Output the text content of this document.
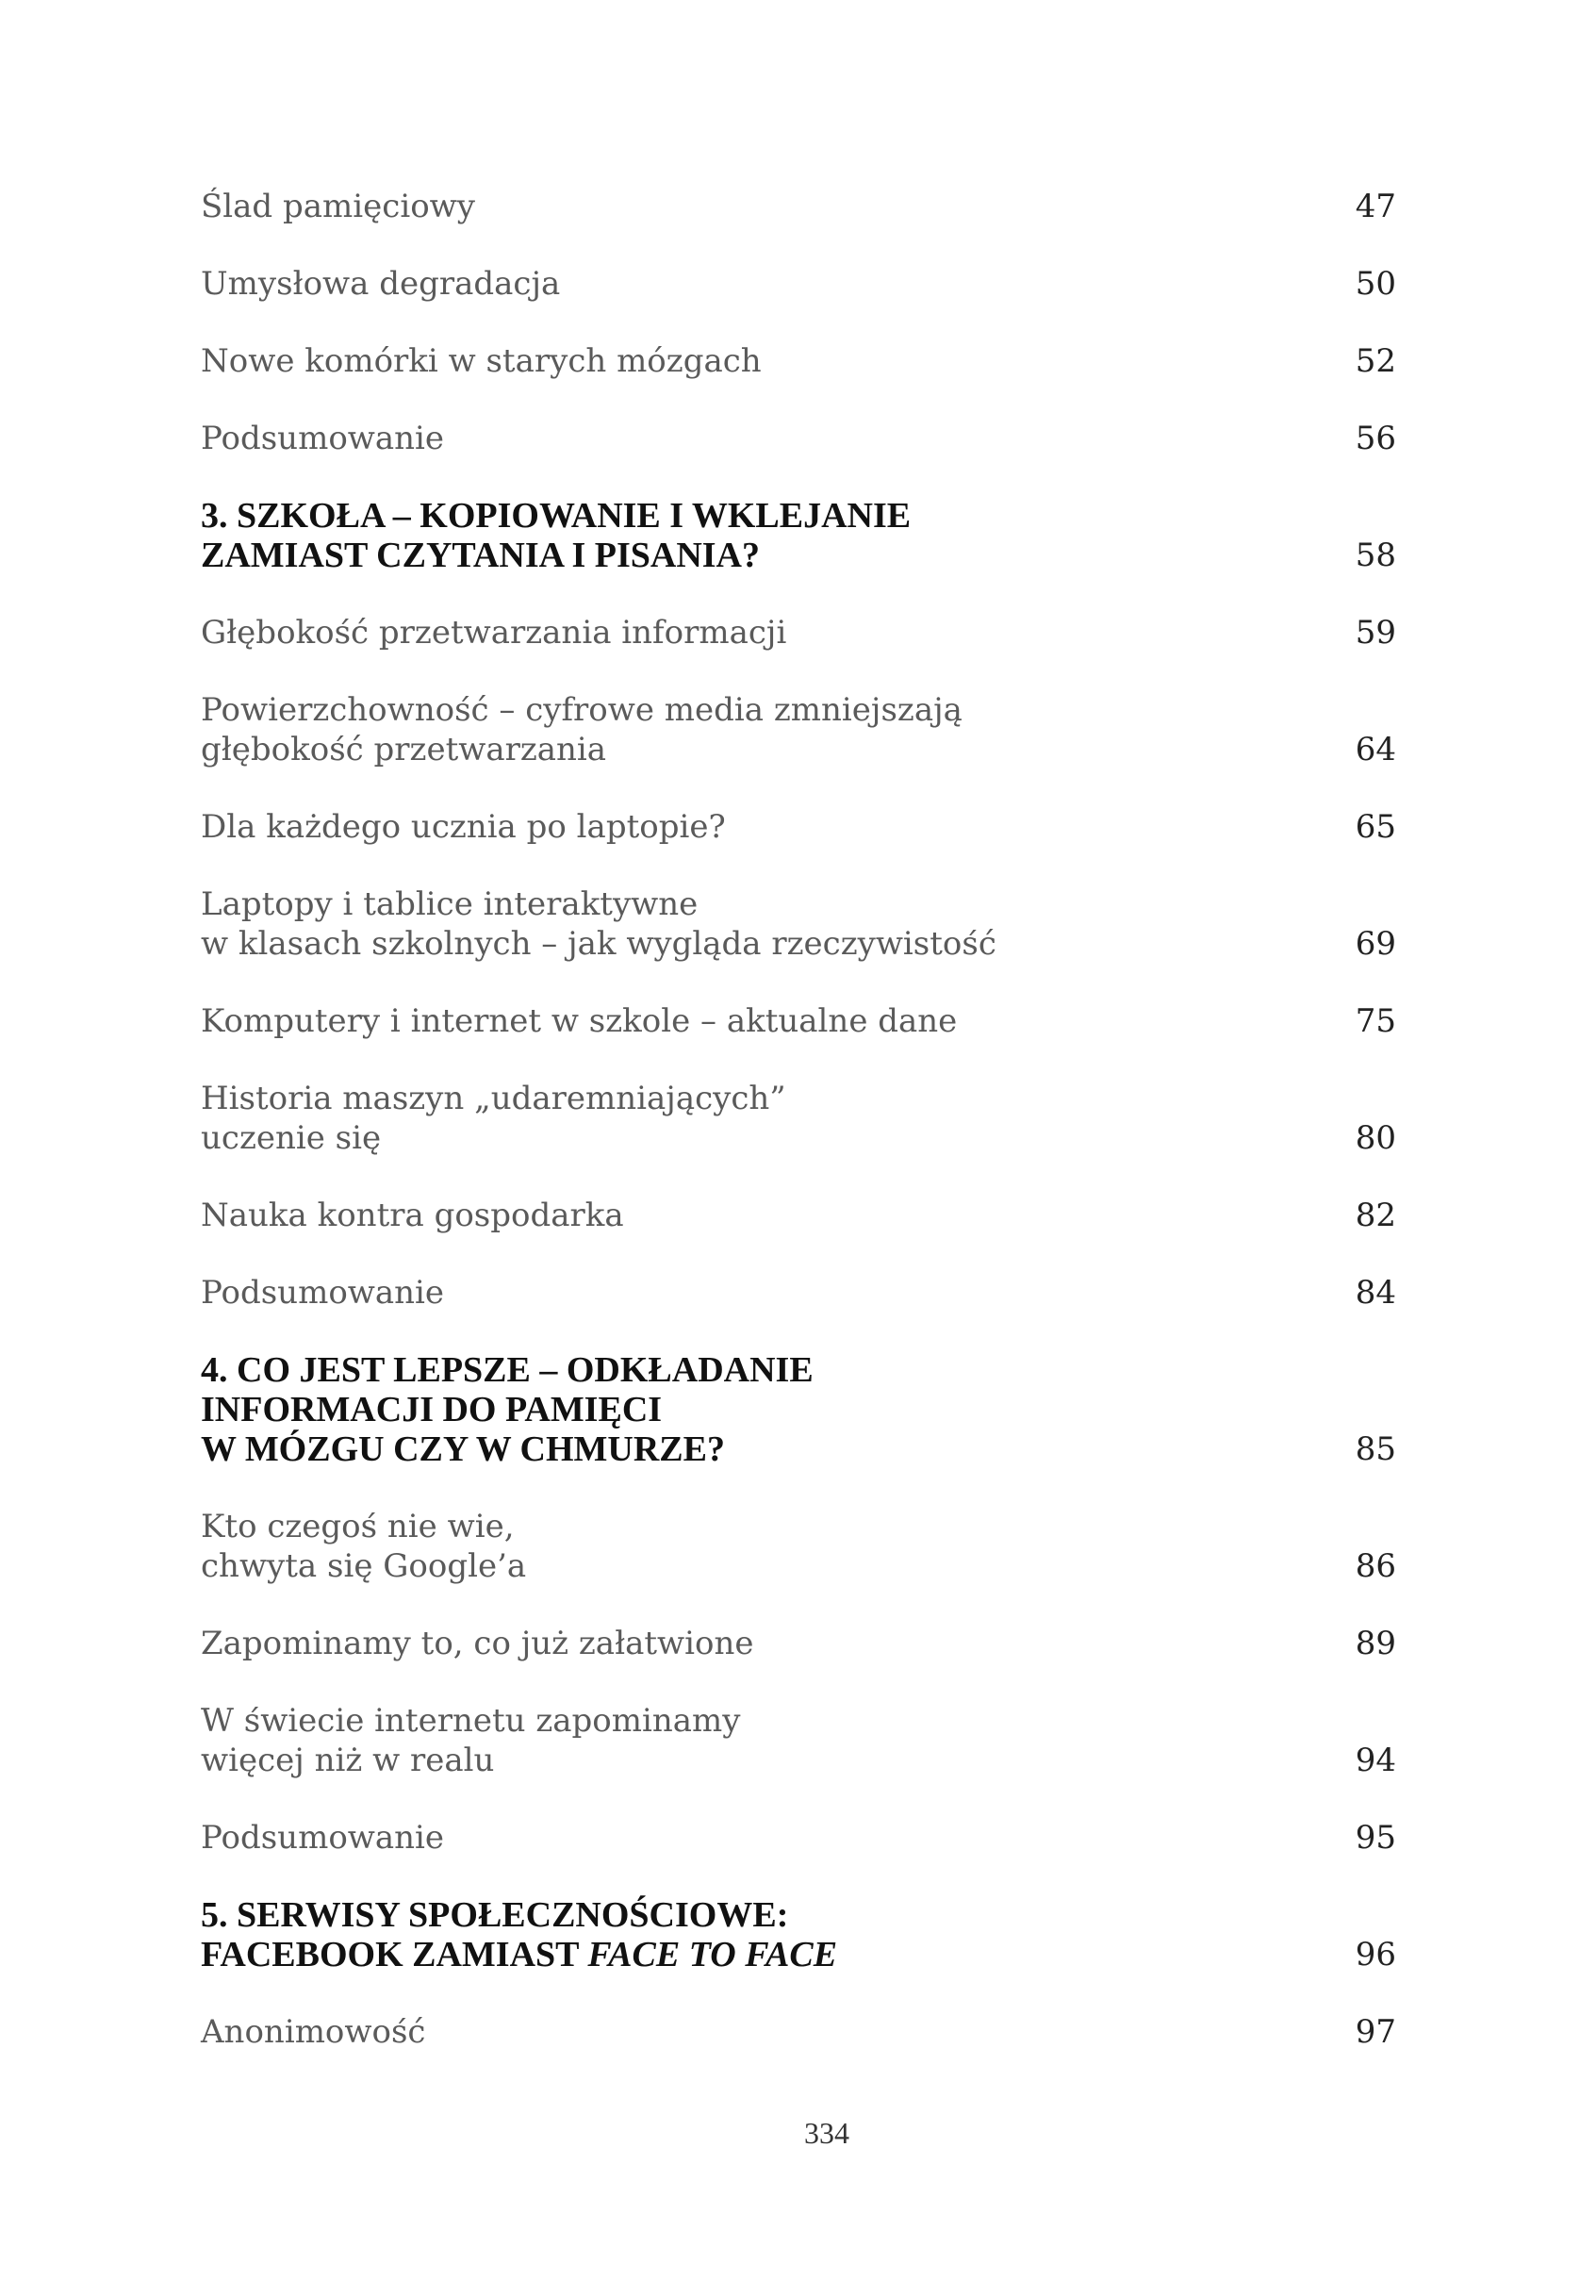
Ślad pamięciowy	47
Umysłowa degradacja	50
Nowe komórki w starych mózgach	52
Podsumowanie	56
3. SZKOŁA – KOPIOWANIE I WKLEJANIE
ZAMIAST CZYTANIA I PISANIA?	58
Głębokość przetwarzania informacji	59
Powierzchowność – cyfrowe media zmniejszają
głębokość przetwarzania	64
Dla każdego ucznia po laptopie?	65
Laptopy i tablice interaktywne
w klasach szkolnych – jak wygląda rzeczywistość	69
Komputery i internet w szkole – aktualne dane	75
Historia maszyn „udaremniających”
uczenie się	80
Nauka kontra gospodarka	82
Podsumowanie	84
4. CO JEST LEPSZE – ODKŁADANIE
INFORMACJI DO PAMIĘCI
W MÓZGU CZY W CHMURZE?	85
Kto czegoś nie wie,
chwyta się Google’a	86
Zapominamy to, co już załatwione	89
W świecie internetu zapominamy
więcej niż w realu	94
Podsumowanie	95
5. SERWISY SPOŁECZNOŚCIOWE:
FACEBOOK ZAMIAST FACE TO FACE	96
Anonimowość	97
334
